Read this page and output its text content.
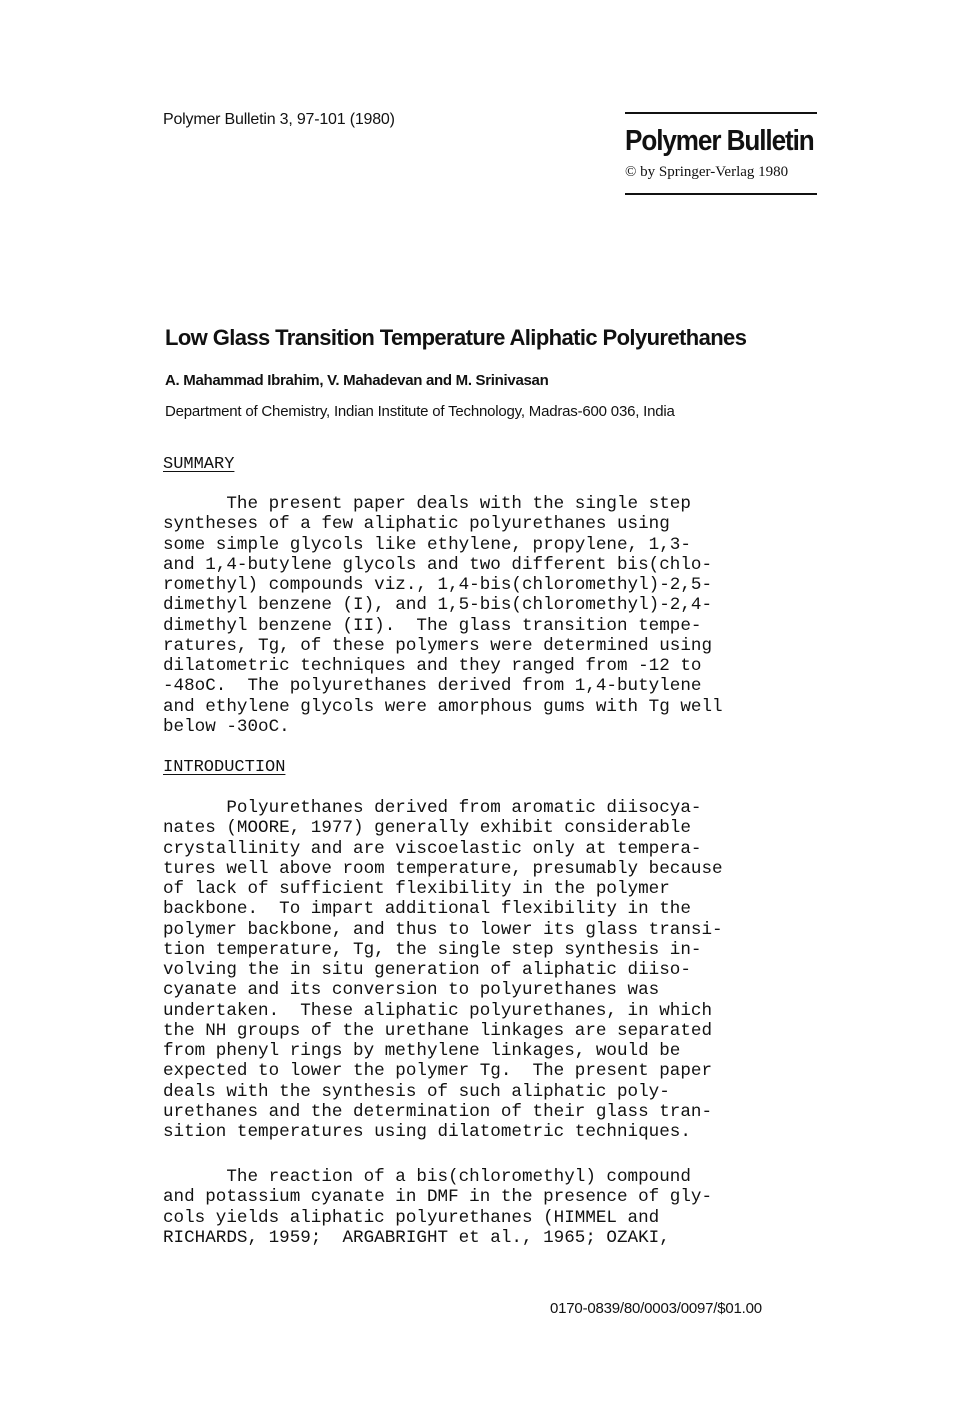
Polymer Bulletin 3, 97-101 (1980)
Polymer Bulletin
© by Springer-Verlag 1980
Low Glass Transition Temperature Aliphatic Polyurethanes
A. Mahammad Ibrahim, V. Mahadevan and M. Srinivasan
Department of Chemistry, Indian Institute of Technology, Madras-600 036, India
SUMMARY
The present paper deals with the single step
syntheses of a few aliphatic polyurethanes using
some simple glycols like ethylene, propylene, 1,3-
and 1,4-butylene glycols and two different bis(chlo-
romethyl) compounds viz., 1,4-bis(chloromethyl)-2,5-
dimethyl benzene (I), and 1,5-bis(chloromethyl)-2,4-
dimethyl benzene (II).  The glass transition tempe-
ratures, Tg, of these polymers were determined using
dilatometric techniques and they ranged from -12 to
-48oC.  The polyurethanes derived from 1,4-butylene
and ethylene glycols were amorphous gums with Tg well
below -30oC.
INTRODUCTION
Polyurethanes derived from aromatic diisocya-
nates (MOORE, 1977) generally exhibit considerable
crystallinity and are viscoelastic only at tempera-
tures well above room temperature, presumably because
of lack of sufficient flexibility in the polymer
backbone.  To impart additional flexibility in the
polymer backbone, and thus to lower its glass transi-
tion temperature, Tg, the single step synthesis in-
volving the in situ generation of aliphatic diiso-
cyanate and its conversion to polyurethanes was
undertaken.  These aliphatic polyurethanes, in which
the NH groups of the urethane linkages are separated
from phenyl rings by methylene linkages, would be
expected to lower the polymer Tg.  The present paper
deals with the synthesis of such aliphatic poly-
urethanes and the determination of their glass tran-
sition temperatures using dilatometric techniques.
The reaction of a bis(chloromethyl) compound
and potassium cyanate in DMF in the presence of gly-
cols yields aliphatic polyurethanes (HIMMEL and
RICHARDS, 1959;  ARGABRIGHT et al., 1965; OZAKI,
0170-0839/80/0003/0097/$01.00
